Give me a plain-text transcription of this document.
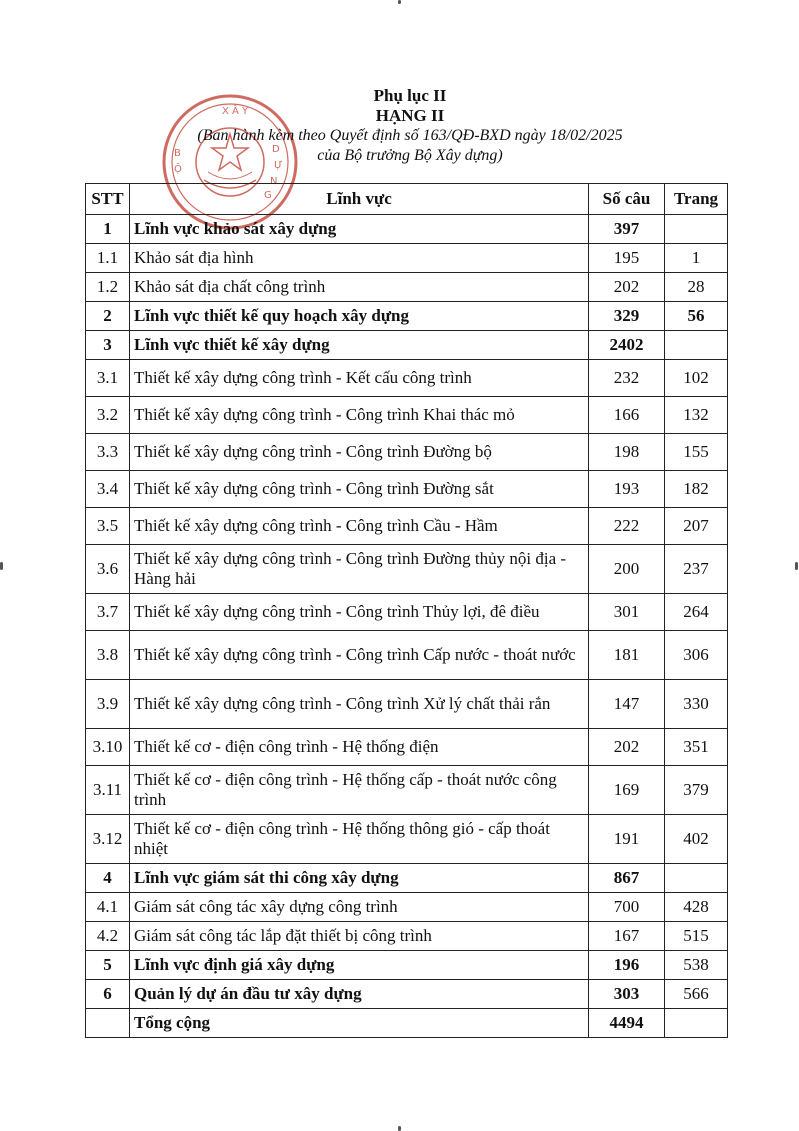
X Â Y
D
Ự
N
G
B
Ộ
Phụ lục II
HẠNG II
(Ban hành kèm theo Quyết định số 163/QĐ-BXD ngày 18/02/2025
của Bộ trưởng Bộ Xây dựng)
STT	Lĩnh vực	Số câu	Trang
1	Lĩnh vực khảo sát xây dựng	397	
1.1	Khảo sát địa hình	195	1
1.2	Khảo sát địa chất công trình	202	28
2	Lĩnh vực thiết kế quy hoạch xây dựng	329	56
3	Lĩnh vực thiết kế xây dựng	2402	
3.1	Thiết kế xây dựng công trình - Kết cấu công trình	232	102
3.2	Thiết kế xây dựng công trình - Công trình Khai thác mỏ	166	132
3.3	Thiết kế xây dựng công trình - Công trình Đường bộ	198	155
3.4	Thiết kế xây dựng công trình - Công trình Đường sắt	193	182
3.5	Thiết kế xây dựng công trình - Công trình Cầu - Hầm	222	207
3.6	Thiết kế xây dựng công trình - Công trình Đường thủy nội địa - Hàng hải	200	237
3.7	Thiết kế xây dựng công trình - Công trình Thủy lợi, đê điều	301	264
3.8	Thiết kế xây dựng công trình - Công trình Cấp nước - thoát nước	181	306
3.9	Thiết kế xây dựng công trình - Công trình Xử lý chất thải rắn	147	330
3.10	Thiết kế cơ - điện công trình - Hệ thống điện	202	351
3.11	Thiết kế cơ - điện công trình - Hệ thống cấp - thoát nước công trình	169	379
3.12	Thiết kế cơ - điện công trình - Hệ thống thông gió - cấp thoát nhiệt	191	402
4	Lĩnh vực giám sát thi công xây dựng	867	
4.1	Giám sát công tác xây dựng công trình	700	428
4.2	Giám sát công tác lắp đặt thiết bị công trình	167	515
5	Lĩnh vực định giá xây dựng	196	538
6	Quản lý dự án đầu tư xây dựng	303	566
	Tổng cộng	4494	
